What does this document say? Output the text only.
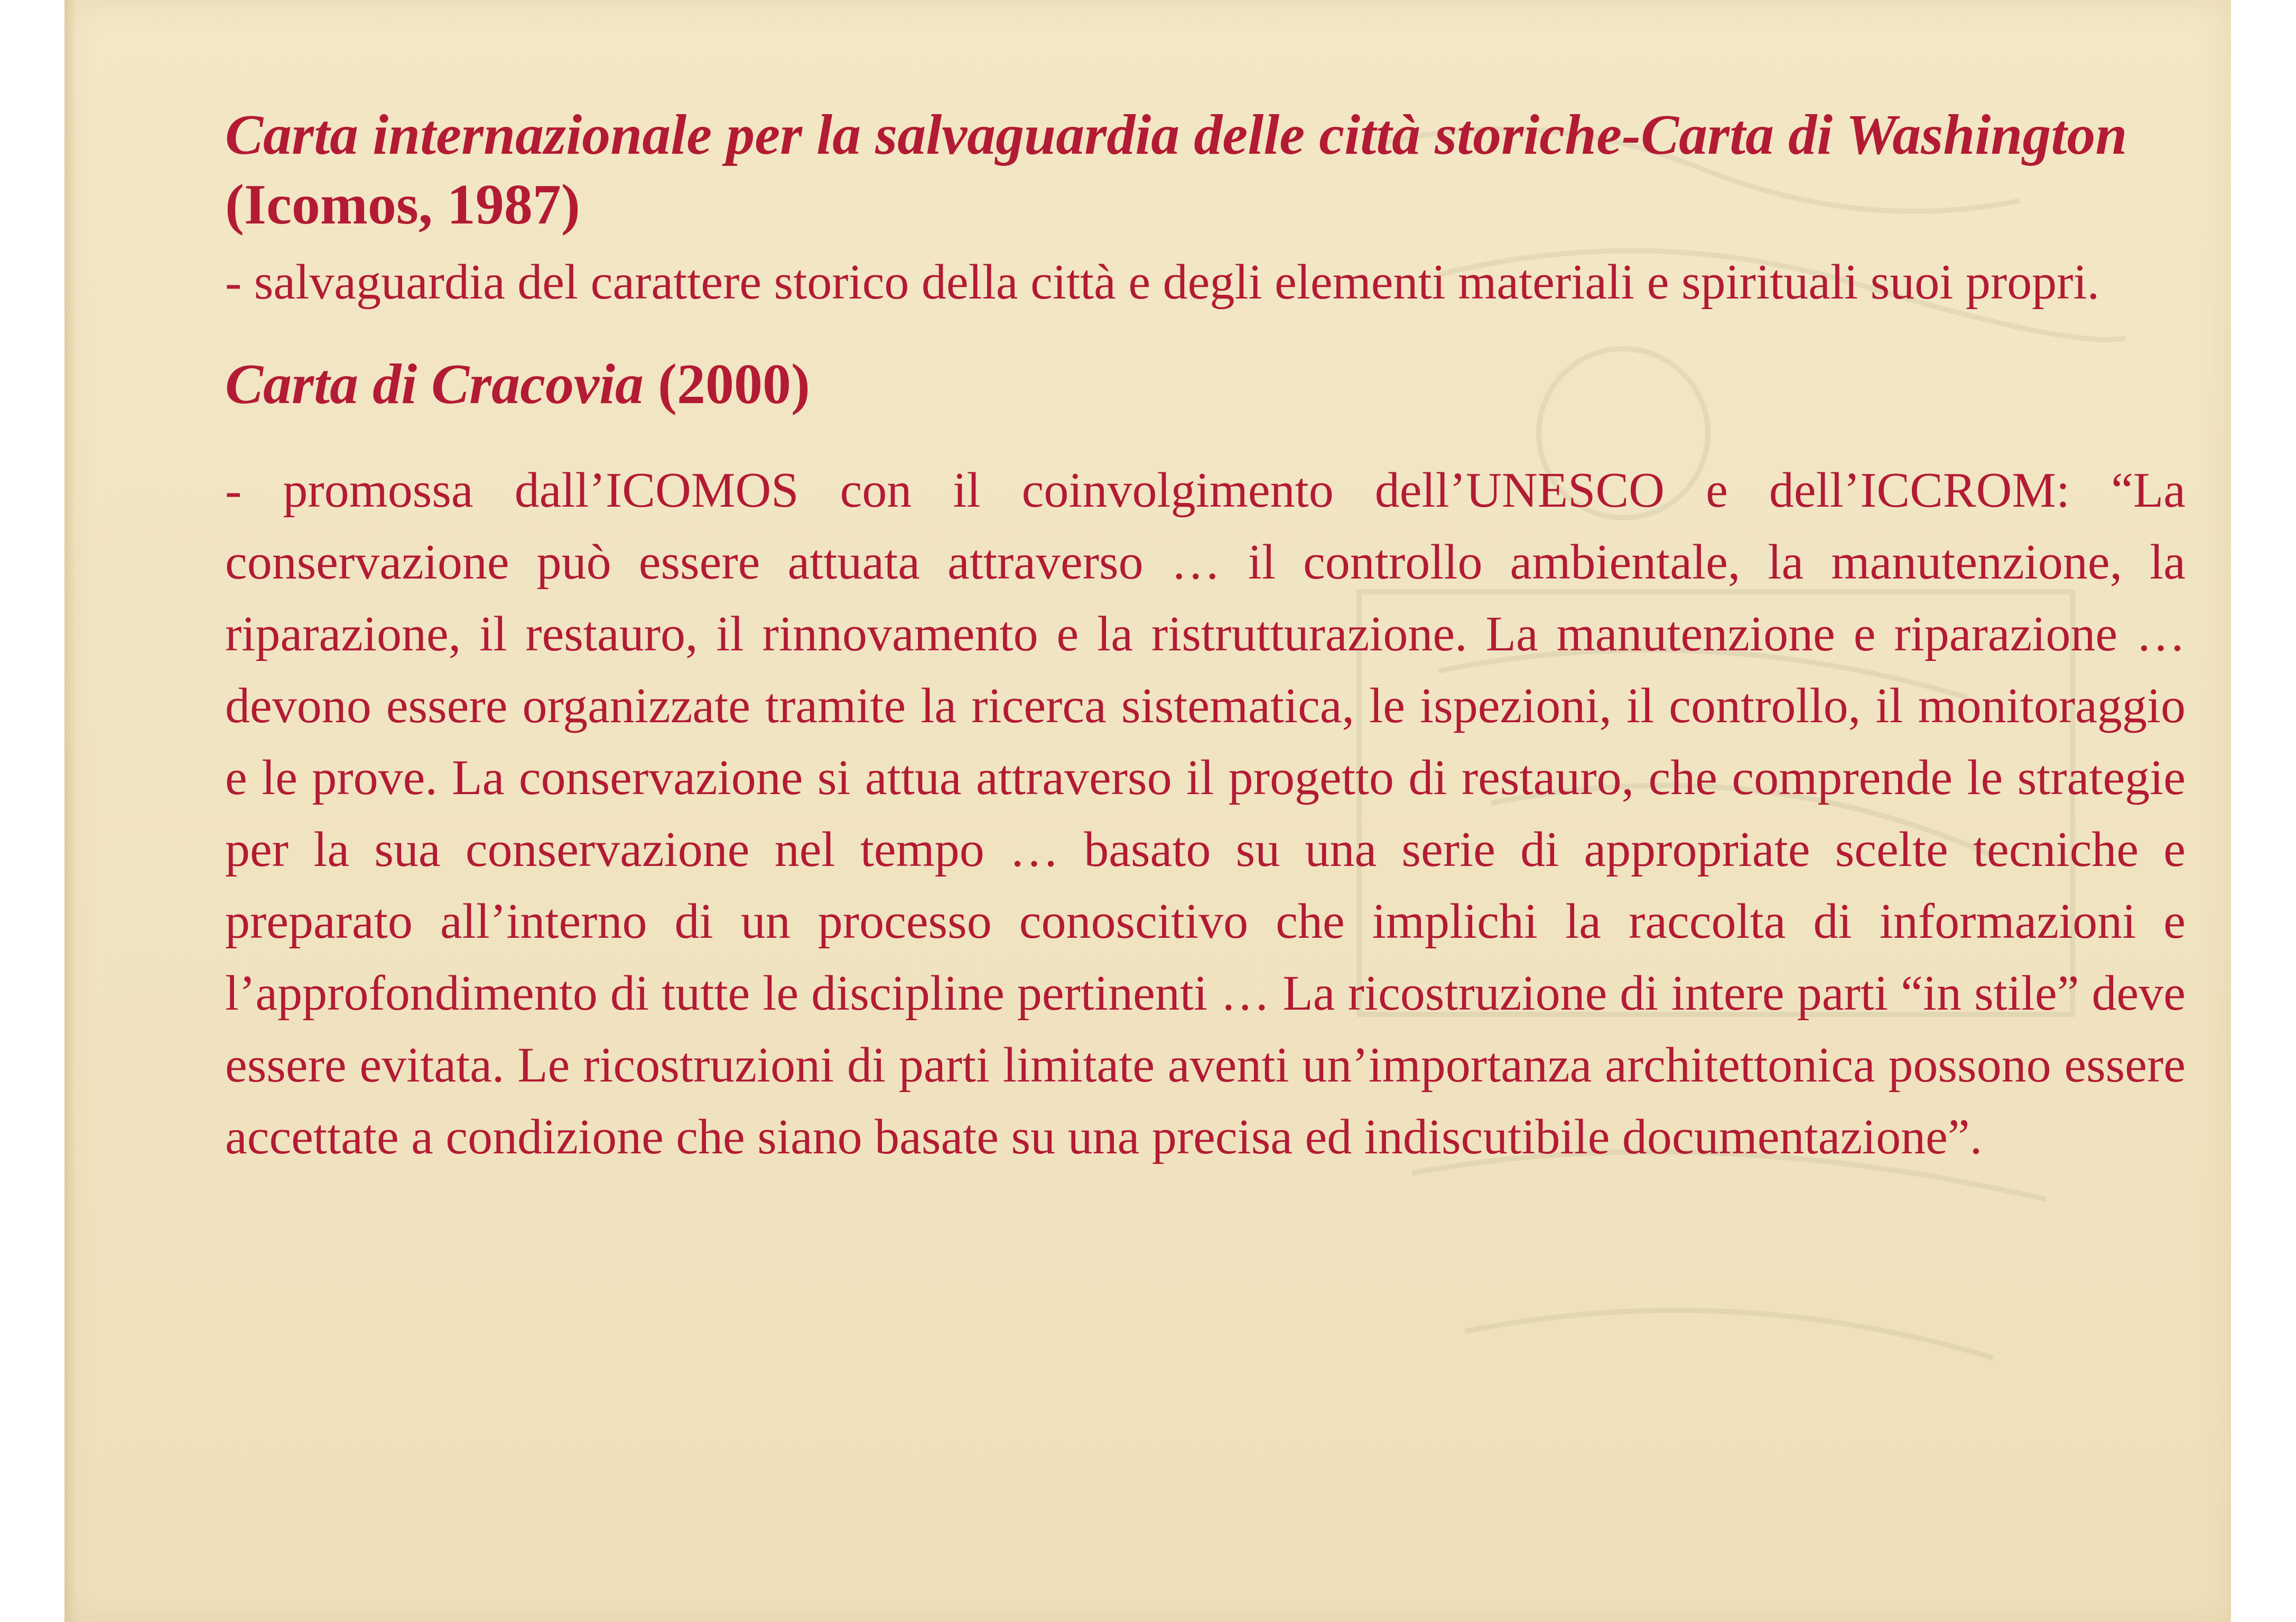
Carta internazionale per la salvaguardia delle città storiche-Carta di Washington (Icomos, 1987)

- salvaguardia del carattere storico della città e degli elementi materiali e spirituali suoi propri.

Carta di Cracovia (2000)

- promossa dall’ICOMOS con il coinvolgimento dell’UNESCO e dell’ICCROM: “La conservazione può essere attuata attraverso … il controllo ambientale, la manutenzione, la riparazione, il restauro, il rinnovamento e la ristrutturazione. La manutenzione e riparazione … devono essere organizzate tramite la ricerca sistematica, le ispezioni, il controllo, il monitoraggio e le prove. La conservazione si attua attraverso il progetto di restauro, che comprende le strategie per la sua conservazione nel tempo … basato su una serie di appropriate scelte tecniche e preparato all’interno di un processo conoscitivo che implichi la raccolta di informazioni e l’approfondimento di tutte le discipline pertinenti … La ricostruzione di intere parti “in stile” deve essere evitata. Le ricostruzioni di parti limitate aventi un’importanza architettonica possono essere accettate a condizione che siano basate su una precisa ed indiscutibile documentazione”.
